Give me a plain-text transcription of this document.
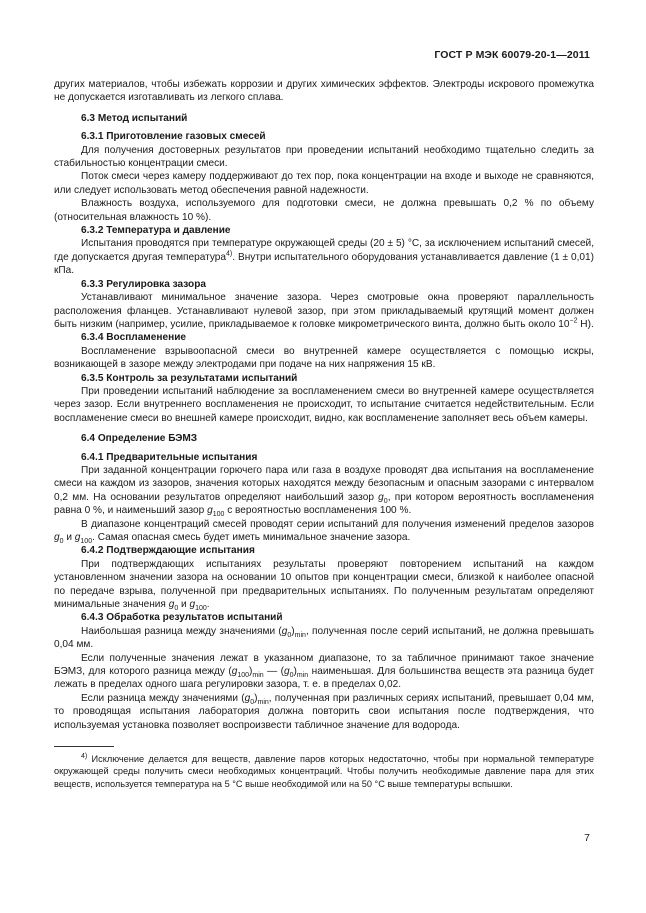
ГОСТ Р МЭК 60079-20-1—2011

других материалов, чтобы избежать коррозии и других химических эффектов. Электроды искрового промежутка не допускается изготавливать из легкого сплава.

6.3 Метод испытаний

6.3.1 Приготовление газовых смесей

Для получения достоверных результатов при проведении испытаний необходимо тщательно следить за стабильностью концентрации смеси.

Поток смеси через камеру поддерживают до тех пор, пока концентрации на входе и выходе не сравняются, или следует использовать метод обеспечения равной надежности.

Влажность воздуха, используемого для подготовки смеси, не должна превышать 0,2 % по объему (относительная влажность 10 %).

6.3.2 Температура и давление

Испытания проводятся при температуре окружающей среды (20 ± 5) °С, за исключением испытаний смесей, где допускается другая температура$^{4)}$. Внутри испытательного оборудования устанавливается давление (1 ± 0,01) кПа.

6.3.3 Регулировка зазора

Устанавливают минимальное значение зазора. Через смотровые окна проверяют параллельность расположения фланцев. Устанавливают нулевой зазор, при этом прикладываемый крутящий момент должен быть низким (например, усилие, прикладываемое к головке микрометрического винта, должно быть около $10^{-2}$ Н).

6.3.4 Воспламенение

Воспламенение взрывоопасной смеси во внутренней камере осуществляется с помощью искры, возникающей в зазоре между электродами при подаче на них напряжения 15 кВ.

6.3.5 Контроль за результатами испытаний

При проведении испытаний наблюдение за воспламенением смеси во внутренней камере осуществляется через зазор. Если внутреннего воспламенения не происходит, то испытание считается недействительным. Если воспламенение смеси во внешней камере происходит, видно, как воспламенение заполняет весь объем камеры.

6.4 Определение БЭМЗ

6.4.1 Предварительные испытания

При заданной концентрации горючего пара или газа в воздухе проводят два испытания на воспламенение смеси на каждом из зазоров, значения которых находятся между безопасным и опасным зазорами с интервалом 0,2 мм. На основании результатов определяют наибольший зазор $g_0$, при котором вероятность воспламенения равна 0 %, и наименьший зазор $g_{100}$ с вероятностью воспламенения 100 %.

В диапазоне концентраций смесей проводят серии испытаний для получения изменений пределов зазоров $g_0$ и $g_{100}$. Самая опасная смесь будет иметь минимальное значение зазора.

6.4.2 Подтверждающие испытания

При подтверждающих испытаниях результаты проверяют повторением испытаний на каждом установленном значении зазора на основании 10 опытов при концентрации смеси, близкой к наиболее опасной по передаче взрыва, полученной при предварительных испытаниях. По полученным результатам определяют минимальные значения $g_0$ и $g_{100}$.

6.4.3 Обработка результатов испытаний

Наибольшая разница между значениями $(g_0)_{min}$, полученная после серий испытаний, не должна превышать 0,04 мм.

Если полученные значения лежат в указанном диапазоне, то за табличное принимают такое значение БЭМЗ, для которого разница между $(g_{100})_{min}$ — $(g_0)_{min}$ наименьшая. Для большинства веществ эта разница будет лежать в пределах одного шага регулировки зазора, т. е. в пределах 0,02.

Если разница между значениями $(g_0)_{min}$, полученная при различных сериях испытаний, превышает 0,04 мм, то проводящая испытания лаборатория должна повторить свои испытания после подтверждения, что используемая установка позволяет воспроизвести табличное значение для водорода.

$^{4)}$ Исключение делается для веществ, давление паров которых недостаточно, чтобы при нормальной температуре окружающей среды получить смеси необходимых концентраций. Чтобы получить необходимые давление пара для этих веществ, используется температура на 5 °С выше необходимой или на 50 °С выше температуры вспышки.

7
